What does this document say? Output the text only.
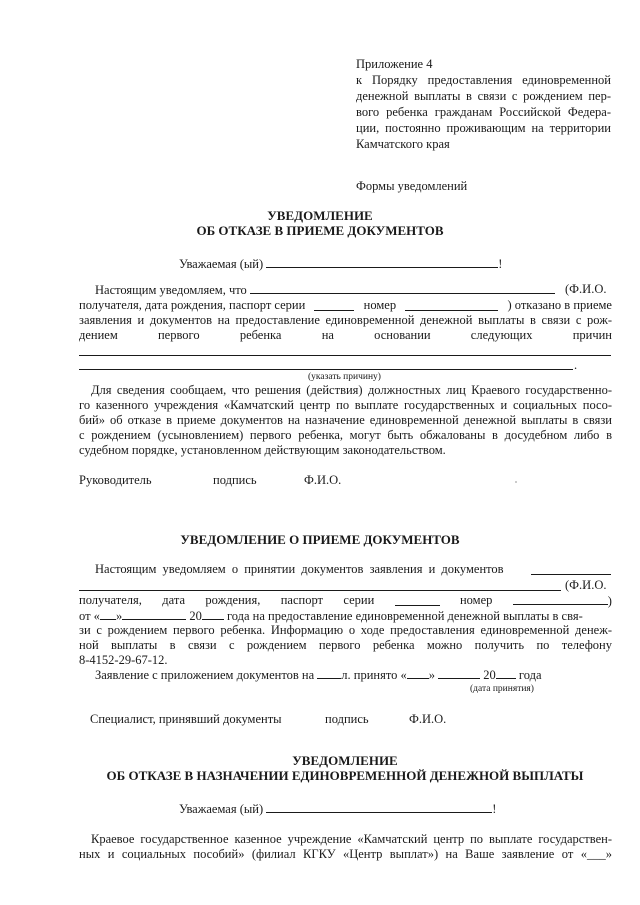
Приложение 4
к Порядку предоставления единовременной
денежной выплаты в связи с рождением пер-
вого ребенка гражданам Российской Федера-
ции, постоянно проживающим на территории
Камчатского края
Формы уведомлений
УВЕДОМЛЕНИЕ
ОБ ОТКАЗЕ В ПРИЕМЕ ДОКУМЕНТОВ
Уважаемая (ый)	!
Настоящим уведомляем, что	(Ф.И.О.
получателя, дата рождения, паспорт серии	номер	) отказано в приеме
заявления и документов на предоставление единовременной денежной выплаты в связи с рож-
дением	первого	ребенка	на	основании	следующих	причин
.
(указать причину)
Для сведения сообщаем, что решения (действия) должностных лиц Краевого государственно-
го казенного учреждения «Камчатский центр по выплате государственных и социальных посо-
бий» об отказе в приеме документов на назначение единовременной денежной выплаты в связи
с рождением (усыновлением) первого ребенка, могут быть обжалованы в досудебном либо в
судебном порядке, установленном действующим законодательством.
Руководитель	подпись	Ф.И.О.
УВЕДОМЛЕНИЕ О ПРИЕМЕ ДОКУМЕНТОВ
Настоящим уведомляем о принятии документов заявления и документов
(Ф.И.О.
получателя, дата рождения, паспорт серии	номер	)
от « »	20 года на предоставление единовременной денежной выплаты в свя-
зи с рождением первого ребенка. Информацию о ходе предоставления единовременной денеж-
ной выплаты в связи с рождением первого ребенка можно получить по телефону
8-4152-29-67-12.
Заявление с приложением документов на л. принято « »	20 года
(дата принятия)
Специалист, принявший документы	подпись	Ф.И.О.
УВЕДОМЛЕНИЕ
ОБ ОТКАЗЕ В НАЗНАЧЕНИИ ЕДИНОВРЕМЕННОЙ ДЕНЕЖНОЙ ВЫПЛАТЫ
Уважаемая (ый)	!
Краевое государственное казенное учреждение «Камчатский центр по выплате государствен-
ных и социальных пособий» (филиал КГКУ «Центр выплат») на Ваше заявление от «___»
